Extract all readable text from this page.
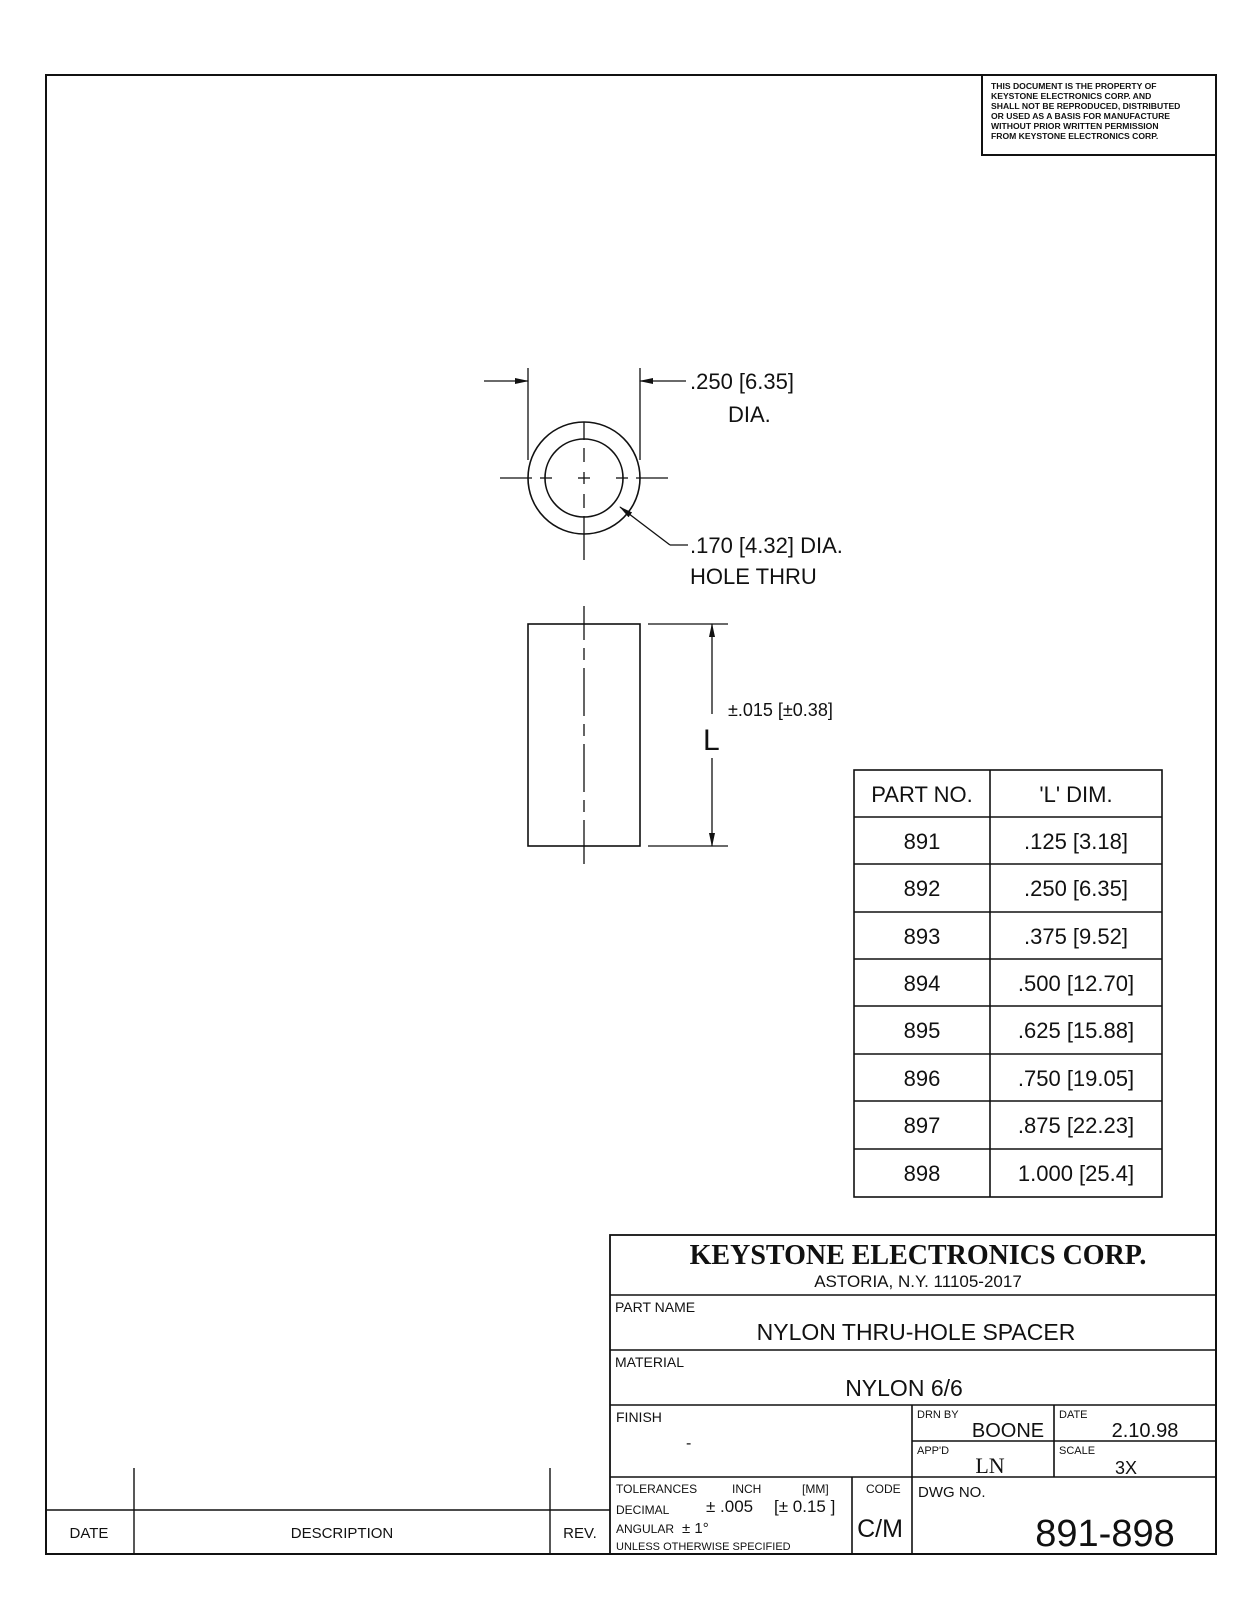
THIS DOCUMENT IS THE PROPERTY OF
KEYSTONE ELECTRONICS CORP. AND
SHALL NOT BE REPRODUCED, DISTRIBUTED
OR USED AS A BASIS FOR MANUFACTURE
WITHOUT PRIOR WRITTEN PERMISSION
FROM KEYSTONE ELECTRONICS CORP.
.250 [6.35]
DIA.
.170 [4.32] DIA.
HOLE THRU
L
±.015 [±0.38]
PART NO.	'L' DIM.
891	.125 [3.18]
892	.250 [6.35]
893	.375 [9.52]
894	.500 [12.70]
895	.625 [15.88]
896	.750 [19.05]
897	.875 [22.23]
898	1.000 [25.4]
KEYSTONE ELECTRONICS CORP.
ASTORIA, N.Y. 11105-2017
PART NAME
NYLON THRU-HOLE SPACER
MATERIAL
NYLON 6/6
FINISH
-
DRN BY
BOONE
DATE
2.10.98
APP'D
LN
SCALE
3X
TOLERANCES	INCH	[MM]	CODE
DECIMAL ± .005 [± 0.15 ]
ANGULAR ± 1°
UNLESS OTHERWISE SPECIFIED
C/M
DWG NO.
891-898
DATE	DESCRIPTION	REV.
